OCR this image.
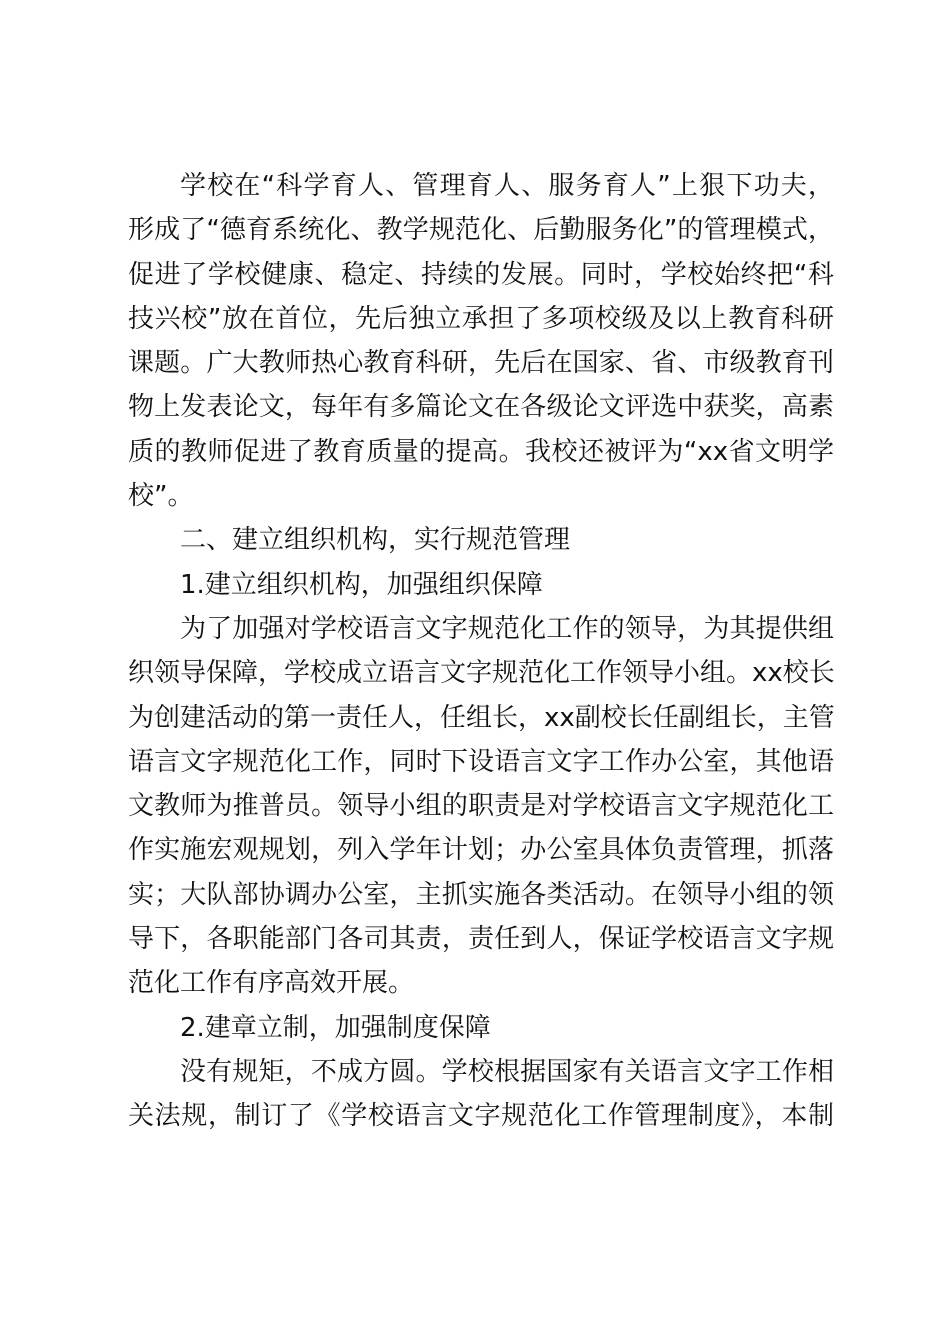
学校在“科学育人、管理育人、服务育人”上狠下功夫，
形成了“德育系统化、教学规范化、后勤服务化”的管理模式，
促进了学校健康、稳定、持续的发展。同时，学校始终把“科
技兴校”放在首位，先后独立承担了多项校级及以上教育科研
课题。广大教师热心教育科研，先后在国家、省、市级教育刊
物上发表论文，每年有多篇论文在各级论文评选中获奖，高素
质的教师促进了教育质量的提高。我校还被评为“xx省文明学
校”。
二、建立组织机构，实行规范管理
1.建立组织机构，加强组织保障
为了加强对学校语言文字规范化工作的领导，为其提供组
织领导保障，学校成立语言文字规范化工作领导小组。xx校长
为创建活动的第一责任人，任组长，xx副校长任副组长，主管
语言文字规范化工作，同时下设语言文字工作办公室，其他语
文教师为推普员。领导小组的职责是对学校语言文字规范化工
作实施宏观规划，列入学年计划；办公室具体负责管理，抓落
实；大队部协调办公室，主抓实施各类活动。在领导小组的领
导下，各职能部门各司其责，责任到人，保证学校语言文字规
范化工作有序高效开展。
2.建章立制，加强制度保障
没有规矩，不成方圆。学校根据国家有关语言文字工作相
关法规，制订了《学校语言文字规范化工作管理制度》，本制
